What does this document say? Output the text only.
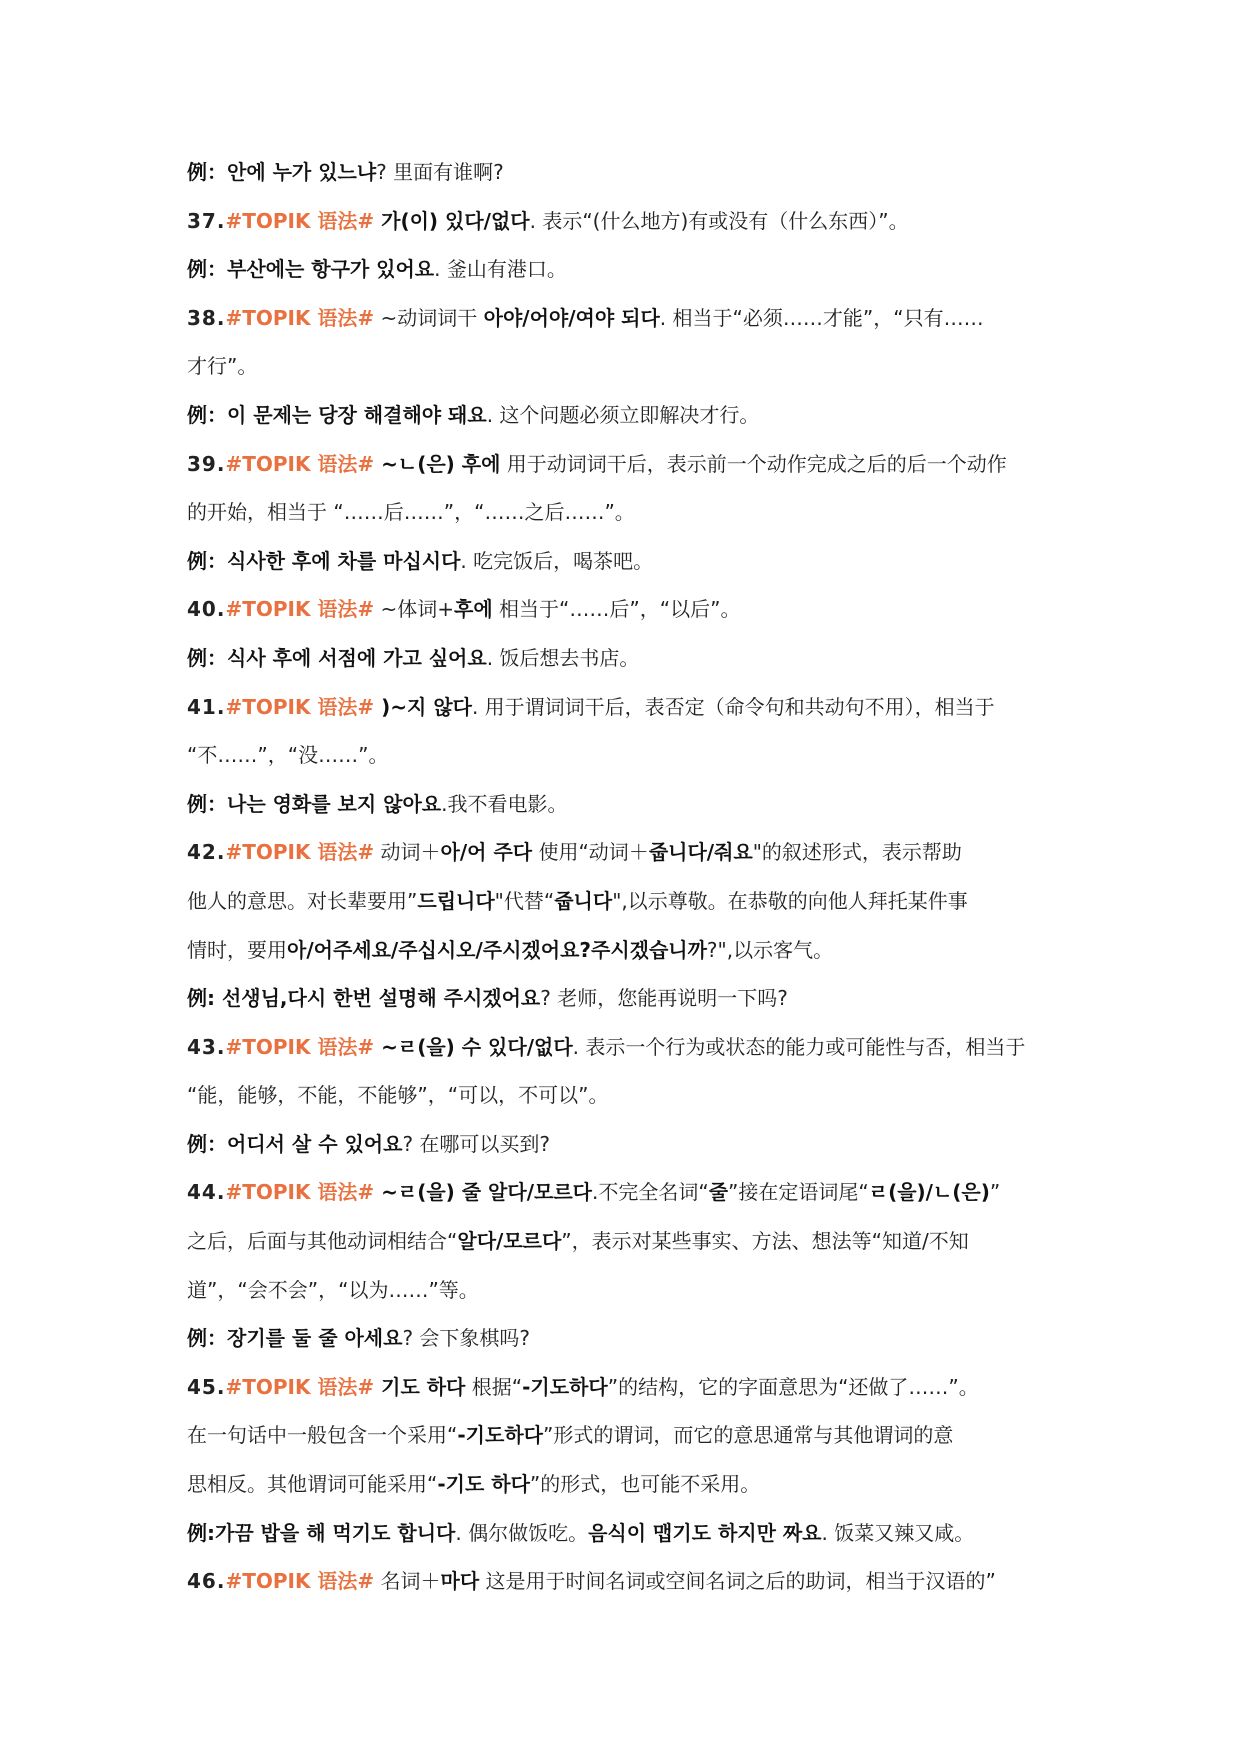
例：안에 누가 있느냐? 里面有谁啊?
37.#TOPIK 语法# 가(이) 있다/없다. 表示“(什么地方)有或没有（什么东西）”。
例：부산에는 항구가 있어요. 釜山有港口。
38.#TOPIK 语法# ~动词词干 아야/어야/여야 되다. 相当于“必须……才能”，“只有……
才行”。
例：이 문제는 당장 해결해야 돼요. 这个问题必须立即解决才行。
39.#TOPIK 语法# ~ㄴ(은) 후에 用于动词词干后，表示前一个动作完成之后的后一个动作
的开始，相当于 “……后……”，“……之后……”。
例：식사한 후에 차를 마십시다. 吃完饭后，喝茶吧。
40.#TOPIK 语法# ~体词+후에 相当于“……后”，“以后”。
例：식사 후에 서점에 가고 싶어요. 饭后想去书店。
41.#TOPIK 语法# )~지 않다. 用于谓词词干后，表否定（命令句和共动句不用），相当于
“不……”，“没……”。
例：나는 영화를 보지 않아요.我不看电影。
42.#TOPIK 语法# 动词＋아/어 주다 使用“动词＋줍니다/줘요"的叙述形式，表示帮助
他人的意思。对长辈要用”드립니다"代替“줍니다",以示尊敬。在恭敬的向他人拜托某件事
情时，要用아/어주세요/주십시오/주시겠어요?주시겠습니까?",以示客气。
例: 선생님,다시 한번 설명해 주시겠어요? 老师，您能再说明一下吗?
43.#TOPIK 语法# ~ㄹ(을) 수 있다/없다. 表示一个行为或状态的能力或可能性与否，相当于
“能，能够，不能，不能够”，“可以，不可以”。
例：어디서 살 수 있어요? 在哪可以买到?
44.#TOPIK 语法# ~ㄹ(을) 줄 알다/모르다.不完全名词“줄”接在定语词尾“ㄹ(을)/ㄴ(은)”
之后，后面与其他动词相结合“알다/모르다”，表示对某些事实、方法、想法等“知道/不知
道”，“会不会”，“以为……”等。
例：장기를 둘 줄 아세요? 会下象棋吗?
45.#TOPIK 语法# 기도 하다 根据“-기도하다”的结构，它的字面意思为“还做了……”。
在一句话中一般包含一个采用“-기도하다”形式的谓词，而它的意思通常与其他谓词的意
思相反。其他谓词可能采用“-기도 하다”的形式，也可能不采用。
例:가끔 밥을 해 먹기도 합니다. 偶尔做饭吃。음식이 맵기도 하지만 짜요. 饭菜又辣又咸。
46.#TOPIK 语法# 名词＋마다 这是用于时间名词或空间名词之后的助词，相当于汉语的”
